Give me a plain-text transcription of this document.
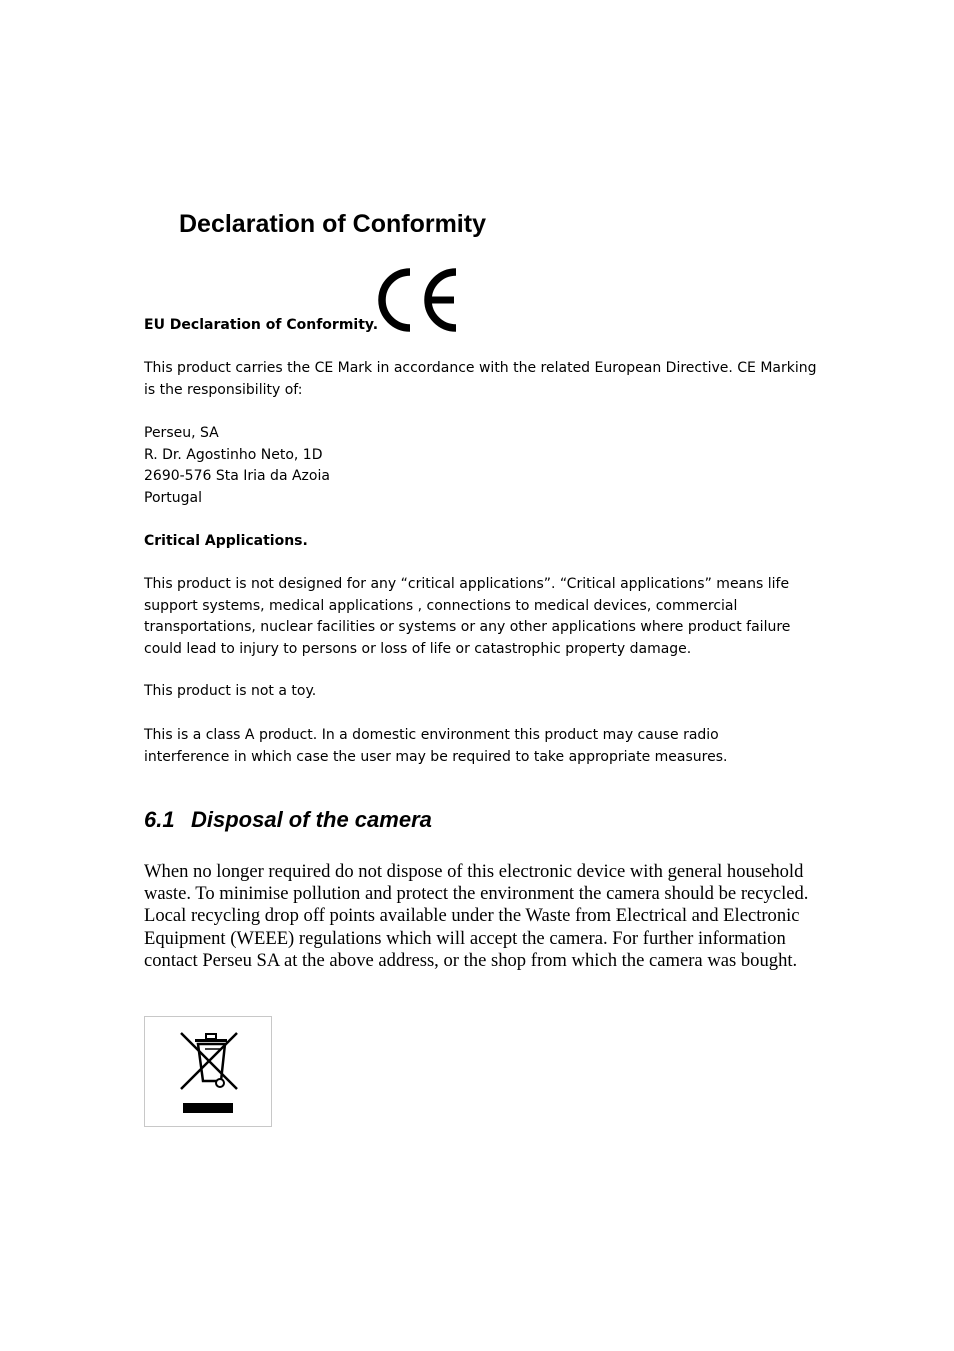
Declaration of Conformity

EU Declaration of Conformity.

This product carries the CE Mark in accordance with the related European Directive. CE Marking is the responsibility of:

Perseu, SA

R. Dr. Agostinho Neto, 1D

2690-576 Sta Iria da Azoia

Portugal

Critical Applications.

This product is not designed for any “critical applications”. “Critical applications” means life support systems, medical applications , connections to medical devices, commercial transportations, nuclear facilities or systems or any other applications where product failure could lead to injury to persons or loss of life or catastrophic property damage.

This product is not a toy.

This is a class A product. In a domestic environment this product may cause radio interference in which case the user may be required to take appropriate measures.

6.1 Disposal of the camera

When no longer required do not dispose of this electronic device with general household waste. To minimise pollution and protect the environment the camera should be recycled. Local recycling drop off points available under the Waste from Electrical and Electronic Equipment (WEEE) regulations which will accept the camera. For further information contact Perseu SA at the above address, or the shop from which the camera was bought.
